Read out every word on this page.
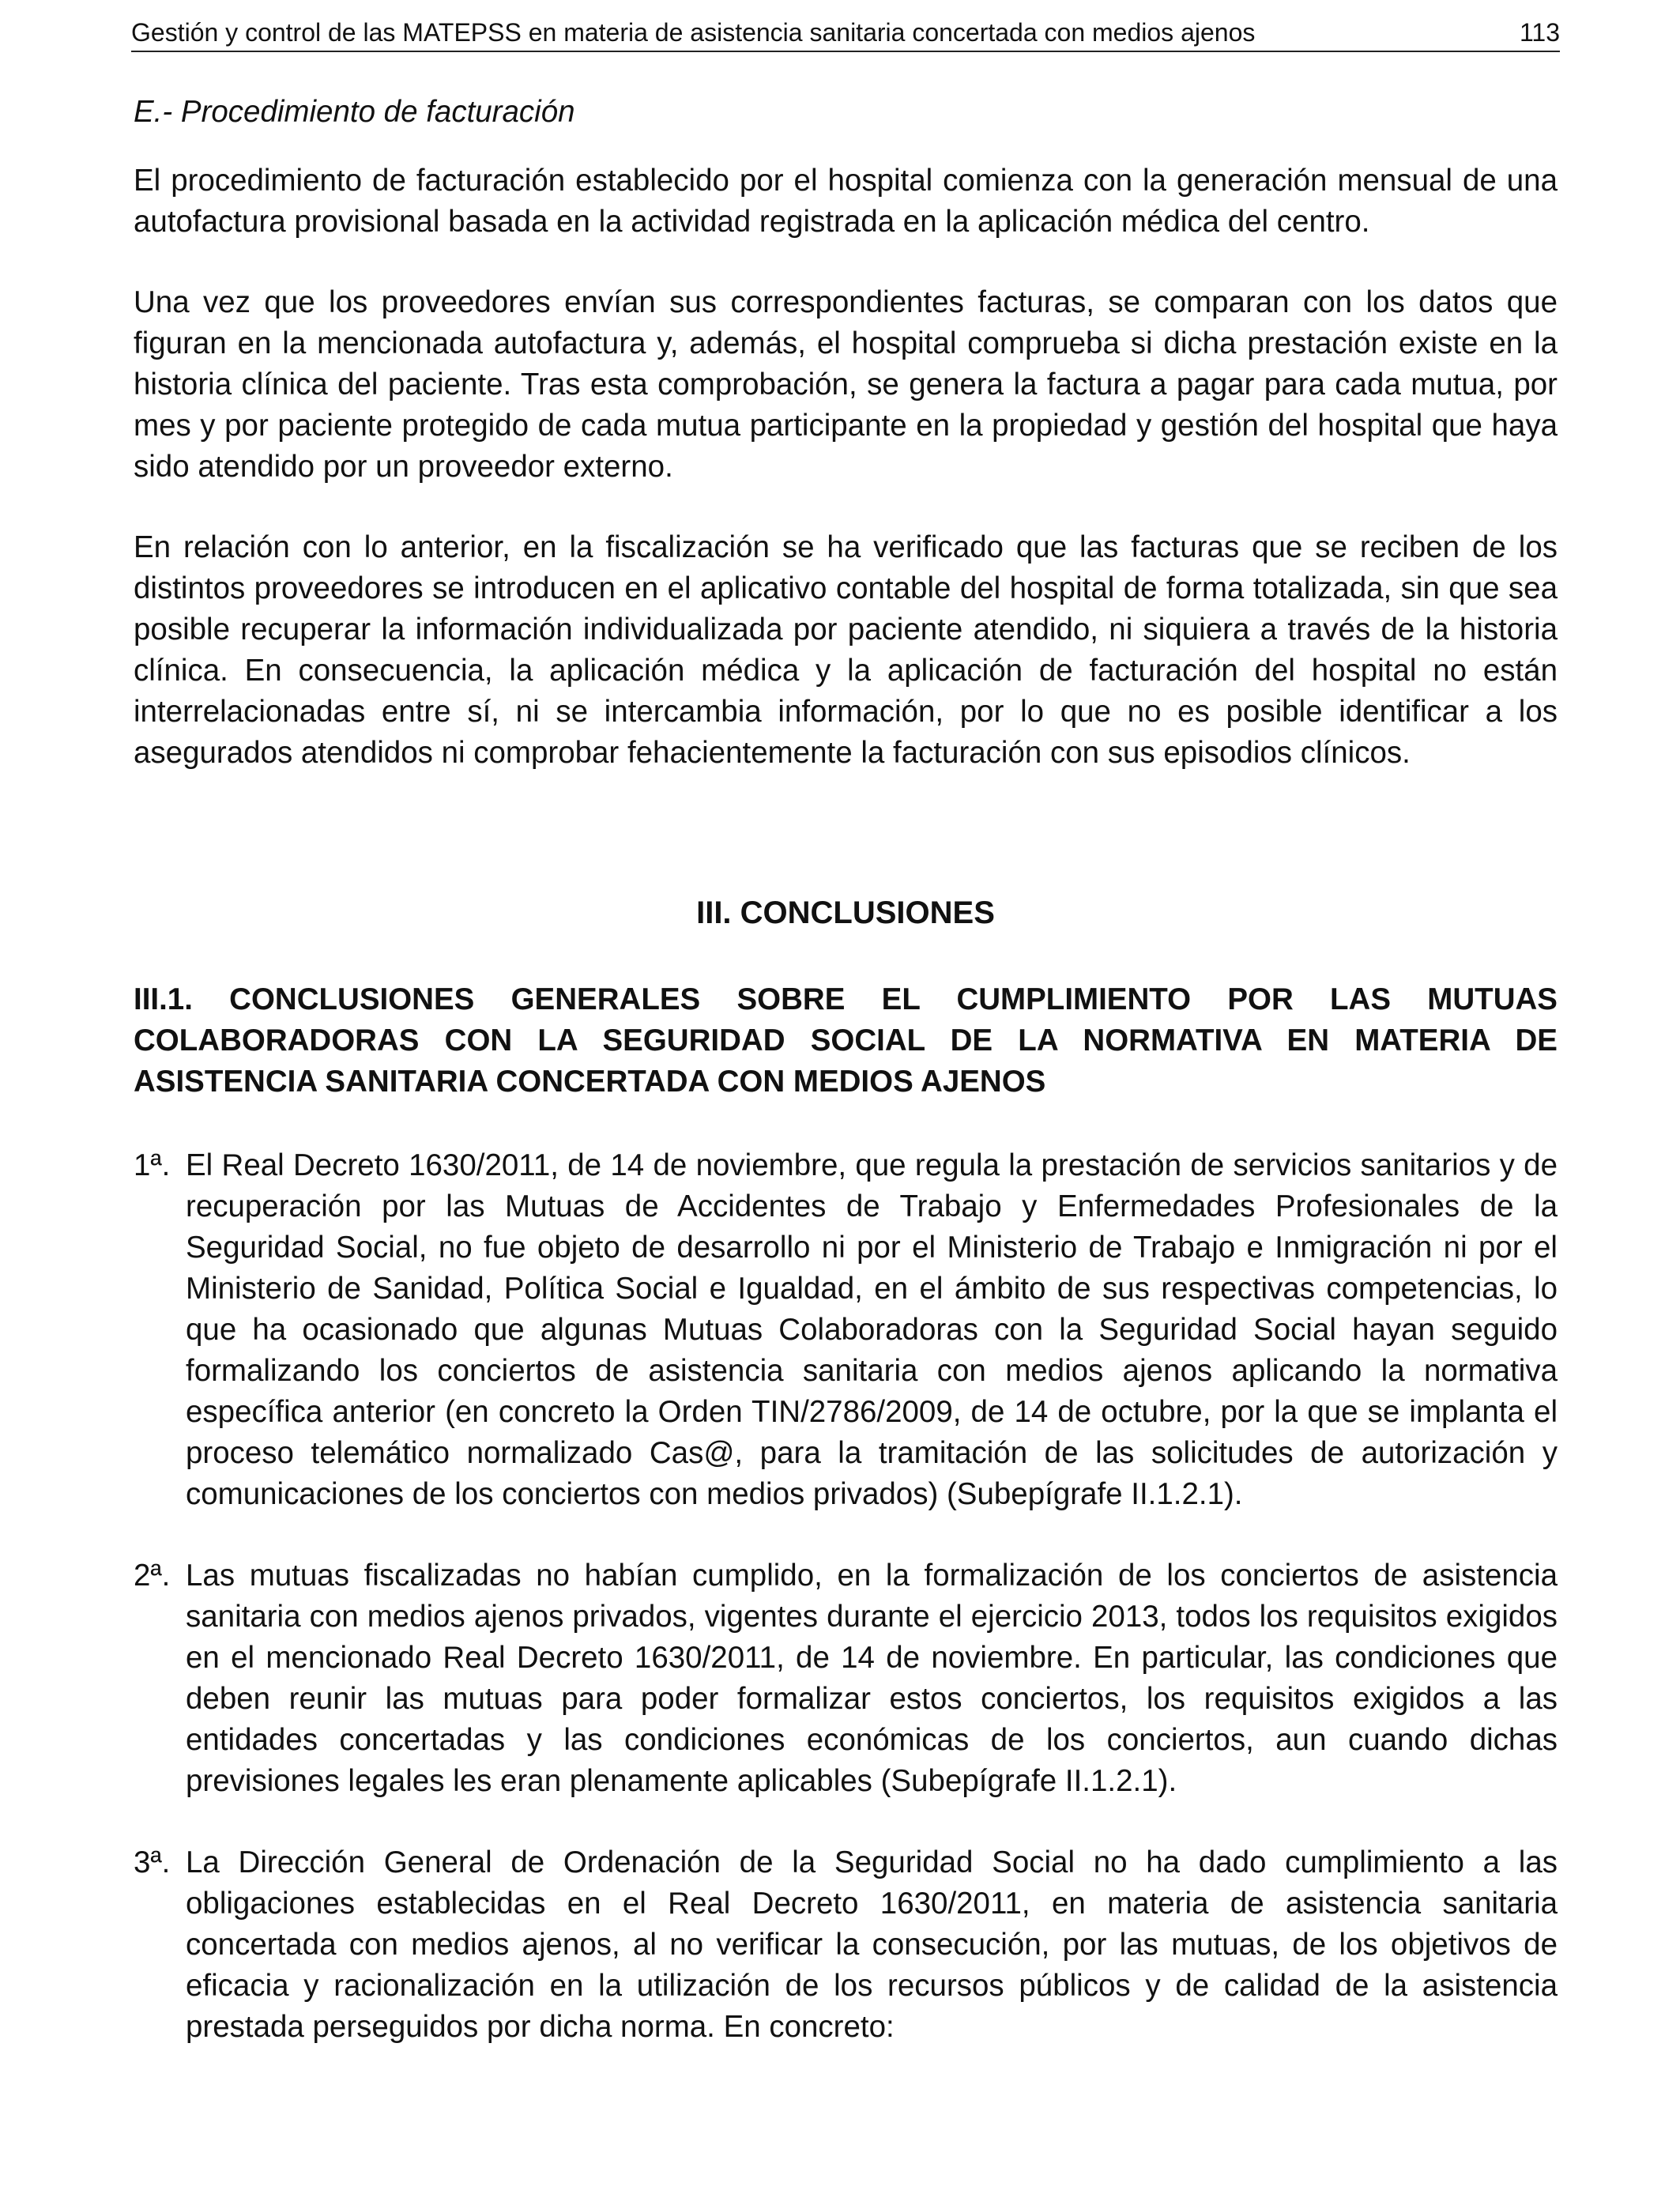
Gestión y control de las MATEPSS en materia de asistencia sanitaria concertada con medios ajenos	113
E.- Procedimiento de facturación

El procedimiento de facturación establecido por el hospital comienza con la generación mensual de una autofactura provisional basada en la actividad registrada en la aplicación médica del centro.

Una vez que los proveedores envían sus correspondientes facturas, se comparan con los datos que figuran en la mencionada autofactura y, además, el hospital comprueba si dicha prestación existe en la historia clínica del paciente. Tras esta comprobación, se genera la factura a pagar para cada mutua, por mes y por paciente protegido de cada mutua participante en la propiedad y gestión del hospital que haya sido atendido por un proveedor externo.

En relación con lo anterior, en la fiscalización se ha verificado que las facturas que se reciben de los distintos proveedores se introducen en el aplicativo contable del hospital de forma totalizada, sin que sea posible recuperar la información individualizada por paciente atendido, ni siquiera a través de la historia clínica. En consecuencia, la aplicación médica y la aplicación de facturación del hospital no están interrelacionadas entre sí, ni se intercambia información, por lo que no es posible identificar a los asegurados atendidos ni comprobar fehacientemente la facturación con sus episodios clínicos.

III. CONCLUSIONES
III.1. CONCLUSIONES GENERALES SOBRE EL CUMPLIMIENTO POR LAS MUTUAS COLABORADORAS CON LA SEGURIDAD SOCIAL DE LA NORMATIVA EN MATERIA DE ASISTENCIA SANITARIA CONCERTADA CON MEDIOS AJENOS
1ª. El Real Decreto 1630/2011, de 14 de noviembre, que regula la prestación de servicios sanitarios y de recuperación por las Mutuas de Accidentes de Trabajo y Enfermedades Profesionales de la Seguridad Social, no fue objeto de desarrollo ni por el Ministerio de Trabajo e Inmigración ni por el Ministerio de Sanidad, Política Social e Igualdad, en el ámbito de sus respectivas competencias, lo que ha ocasionado que algunas Mutuas Colaboradoras con la Seguridad Social hayan seguido formalizando los conciertos de asistencia sanitaria con medios ajenos aplicando la normativa específica anterior (en concreto la Orden TIN/2786/2009, de 14 de octubre, por la que se implanta el proceso telemático normalizado Cas@, para la tramitación de las solicitudes de autorización y comunicaciones de los conciertos con medios privados) (Subepígrafe II.1.2.1).
2ª. Las mutuas fiscalizadas no habían cumplido, en la formalización de los conciertos de asistencia sanitaria con medios ajenos privados, vigentes durante el ejercicio 2013, todos los requisitos exigidos en el mencionado Real Decreto 1630/2011, de 14 de noviembre. En particular, las condiciones que deben reunir las mutuas para poder formalizar estos conciertos, los requisitos exigidos a las entidades concertadas y las condiciones económicas de los conciertos, aun cuando dichas previsiones legales les eran plenamente aplicables (Subepígrafe II.1.2.1).
3ª. La Dirección General de Ordenación de la Seguridad Social no ha dado cumplimiento a las obligaciones establecidas en el Real Decreto 1630/2011, en materia de asistencia sanitaria concertada con medios ajenos, al no verificar la consecución, por las mutuas, de los objetivos de eficacia y racionalización en la utilización de los recursos públicos y de calidad de la asistencia prestada perseguidos por dicha norma. En concreto:
